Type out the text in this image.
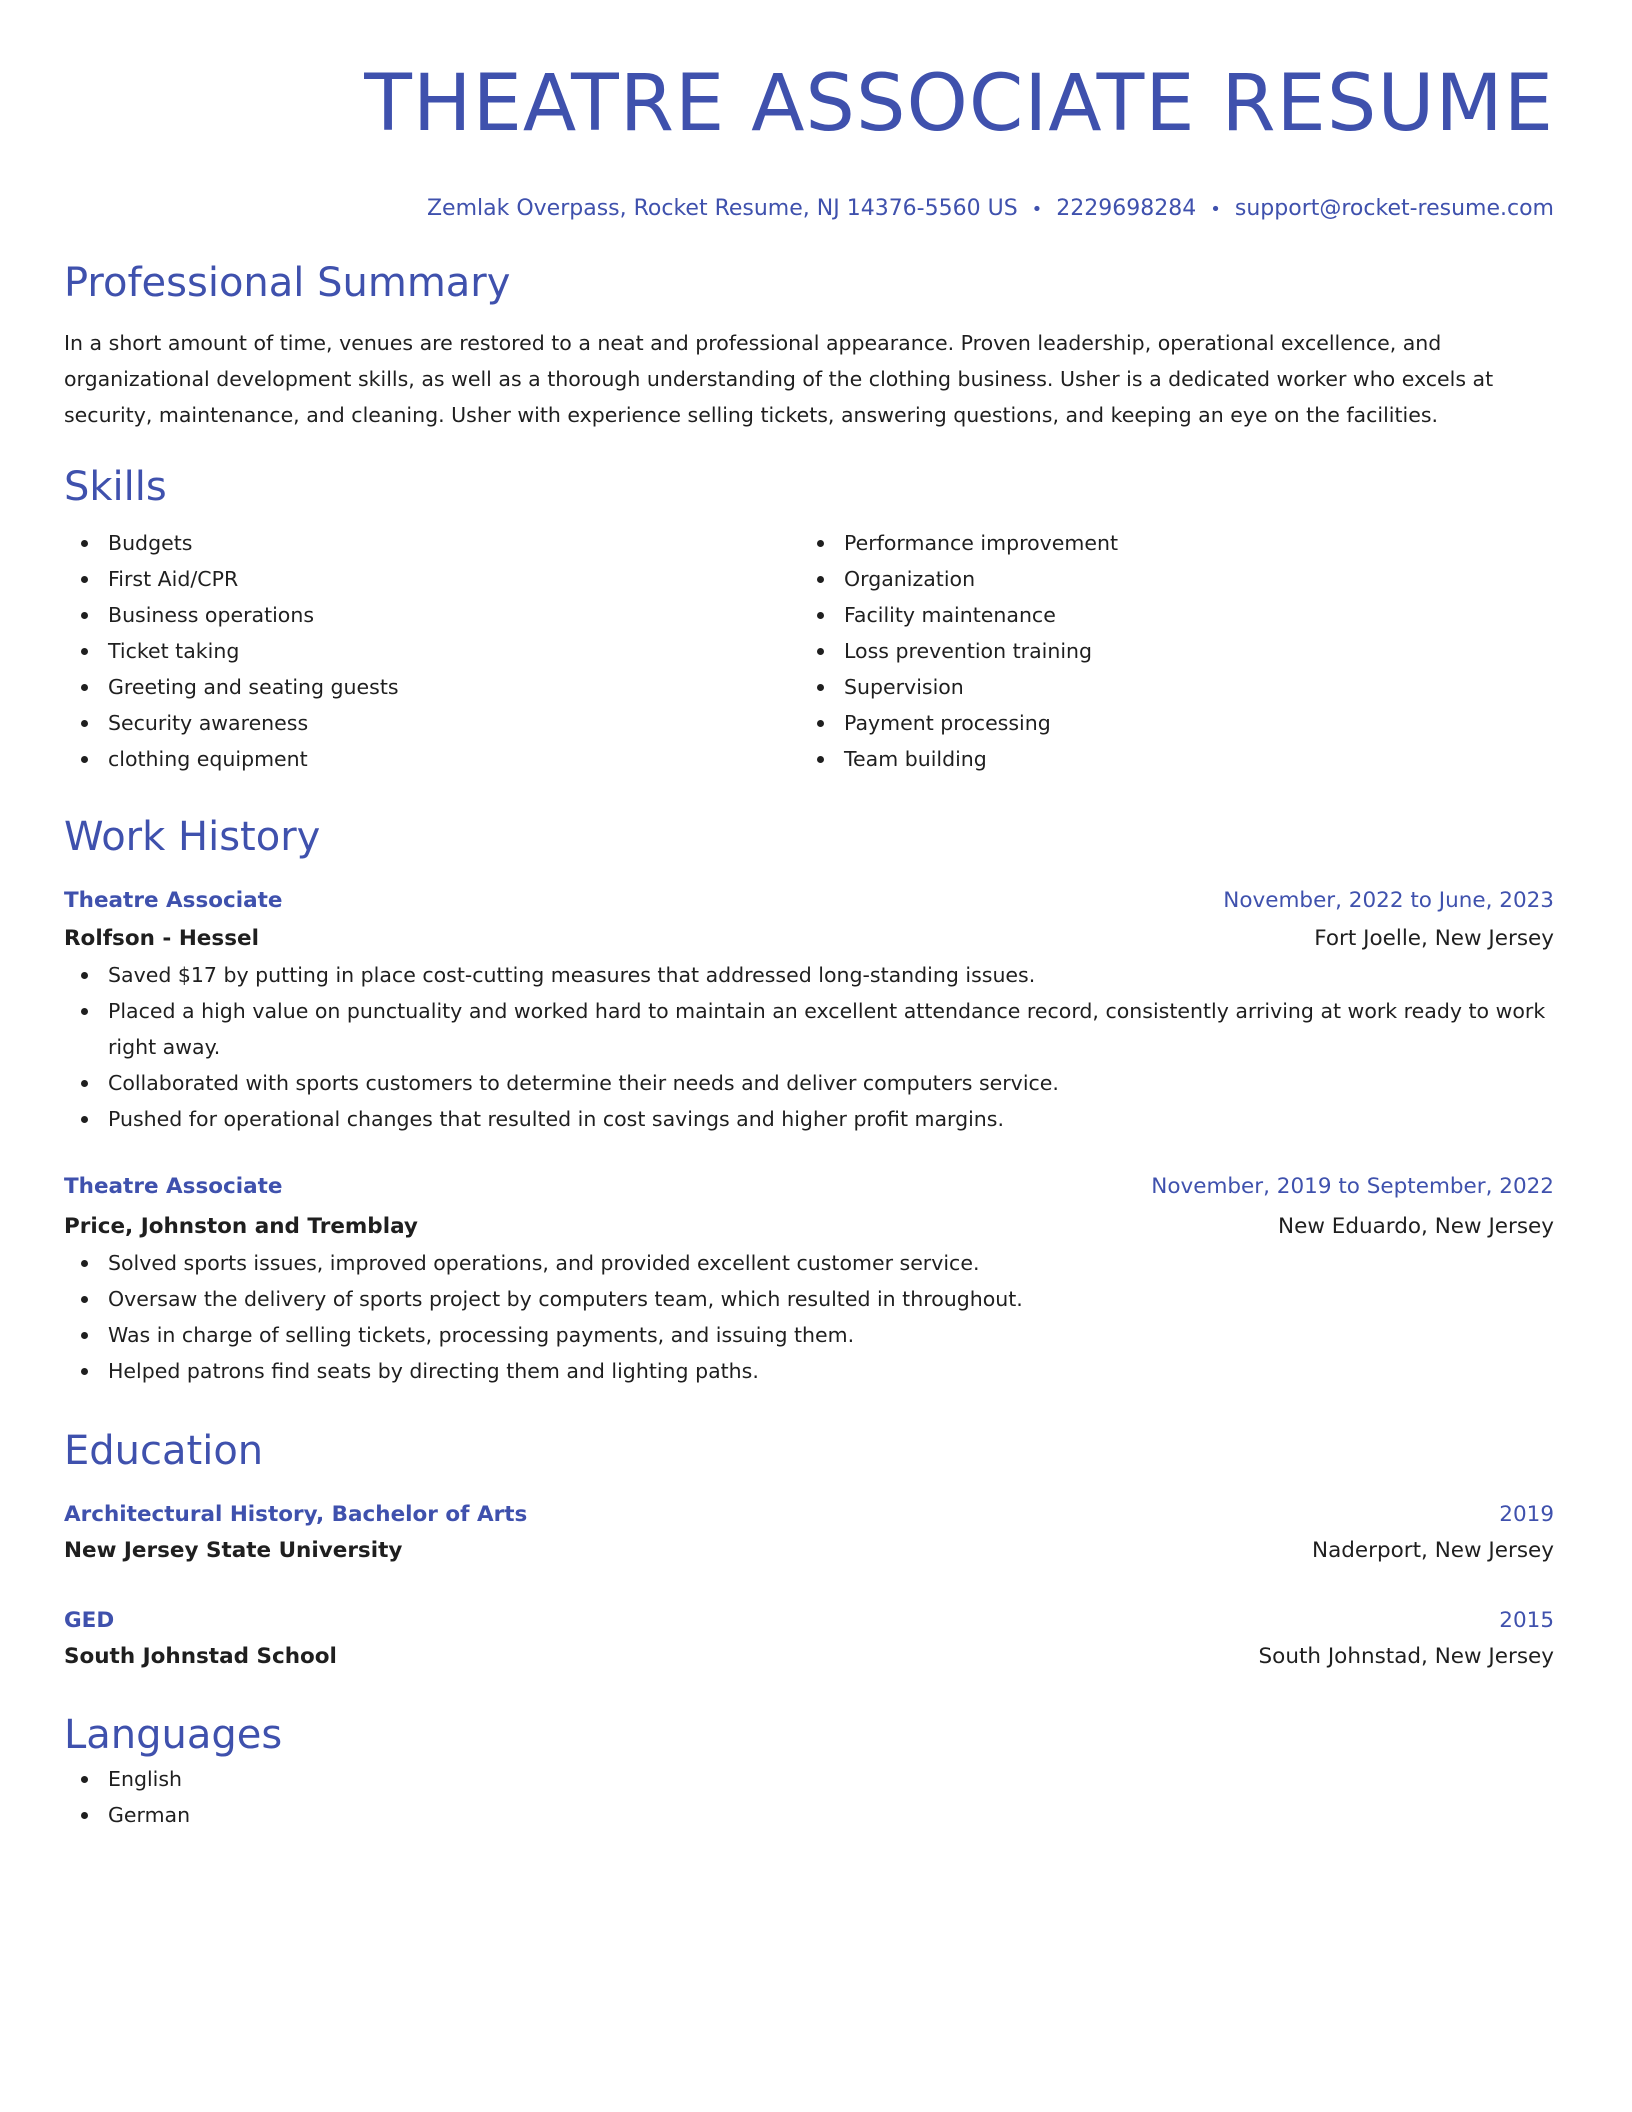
THEATRE ASSOCIATE RESUME
Zemlak Overpass, Rocket Resume, NJ 14376-5560 US • 2229698284 • support@rocket-resume.com
Professional Summary
In a short amount of time, venues are restored to a neat and professional appearance. Proven leadership, operational excellence, and organizational development skills, as well as a thorough understanding of the clothing business. Usher is a dedicated worker who excels at security, maintenance, and cleaning. Usher with experience selling tickets, answering questions, and keeping an eye on the facilities.
Skills
Budgets
First Aid/CPR
Business operations
Ticket taking
Greeting and seating guests
Security awareness
clothing equipment
Performance improvement
Organization
Facility maintenance
Loss prevention training
Supervision
Payment processing
Team building
Work History
Theatre Associate	November, 2022 to June, 2023
Rolfson - Hessel	Fort Joelle, New Jersey
Saved $17 by putting in place cost-cutting measures that addressed long-standing issues.
Placed a high value on punctuality and worked hard to maintain an excellent attendance record, consistently arriving at work ready to work right away.
Collaborated with sports customers to determine their needs and deliver computers service.
Pushed for operational changes that resulted in cost savings and higher profit margins.
Theatre Associate	November, 2019 to September, 2022
Price, Johnston and Tremblay	New Eduardo, New Jersey
Solved sports issues, improved operations, and provided excellent customer service.
Oversaw the delivery of sports project by computers team, which resulted in throughout.
Was in charge of selling tickets, processing payments, and issuing them.
Helped patrons find seats by directing them and lighting paths.
Education
Architectural History, Bachelor of Arts	2019
New Jersey State University	Naderport, New Jersey
GED	2015
South Johnstad School	South Johnstad, New Jersey
Languages
English
German
